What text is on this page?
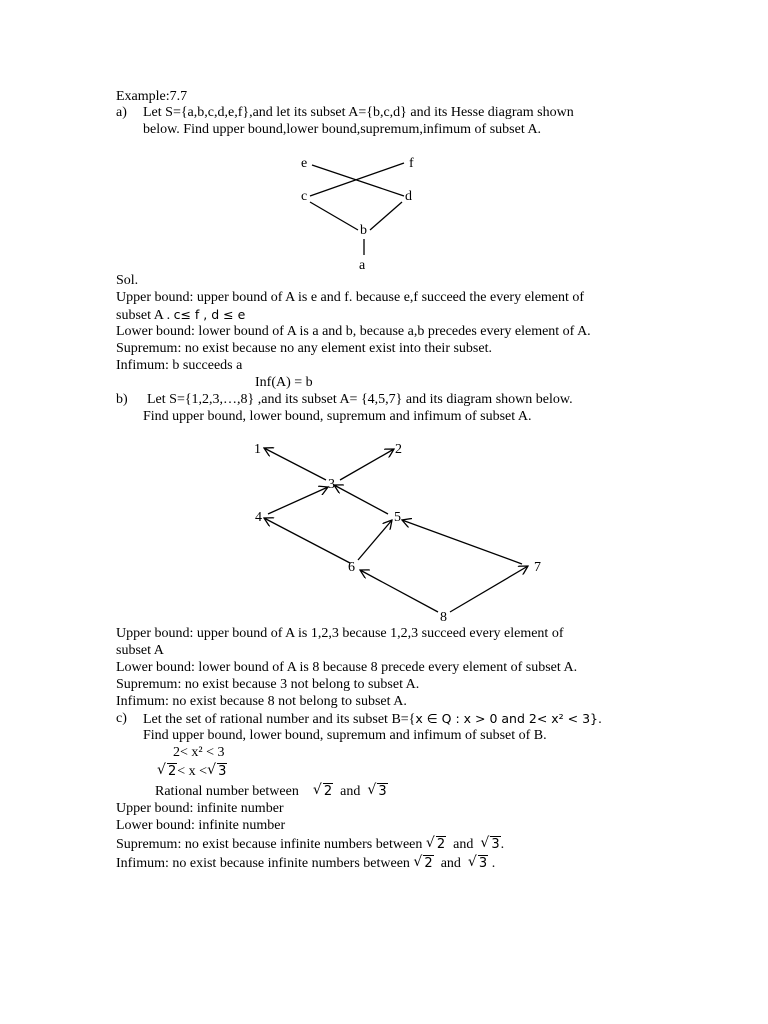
Example:7.7
a) Let S={a,b,c,d,e,f},and let its subset A={b,c,d} and its Hesse diagram shown
below. Find upper bound,lower bound,supremum,infimum of subset A.
e	f
c	d
b
a
Sol.
Upper bound: upper bound of A is e and f. because e,f succeed the every element of
subset A . c≤ f , d ≤ e
Lower bound: lower bound of A is a and b, because a,b precedes every element of A.
Supremum: no exist because no any element exist into their subset.
Infimum: b succeeds a
Inf(A) = b
b) Let S={1,2,3,…,8} ,and its subset A= {4,5,7} and its diagram shown below.
Find upper bound, lower bound, supremum and infimum of subset A.
1	2
3
4	5
6	7
8
Upper bound: upper bound of A is 1,2,3 because 1,2,3 succeed every element of
subset A
Lower bound: lower bound of A is 8 because 8 precede every element of subset A.
Supremum: no exist because 3 not belong to subset A.
Infimum: no exist because 8 not belong to subset A.
c) Let the set of rational number and its subset B={x ∈ Q : x > 0 and 2< x² < 3}.
Find upper bound, lower bound, supremum and infimum of subset of B.
2< x² < 3
√ 2< x < √ 3
Rational number between √ 2 and √ 3
Upper bound: infinite number
Lower bound: infinite number
Supremum: no exist because infinite numbers between √ 2 and √ 3.
Infimum: no exist because infinite numbers between √ 2 and √ 3 .
